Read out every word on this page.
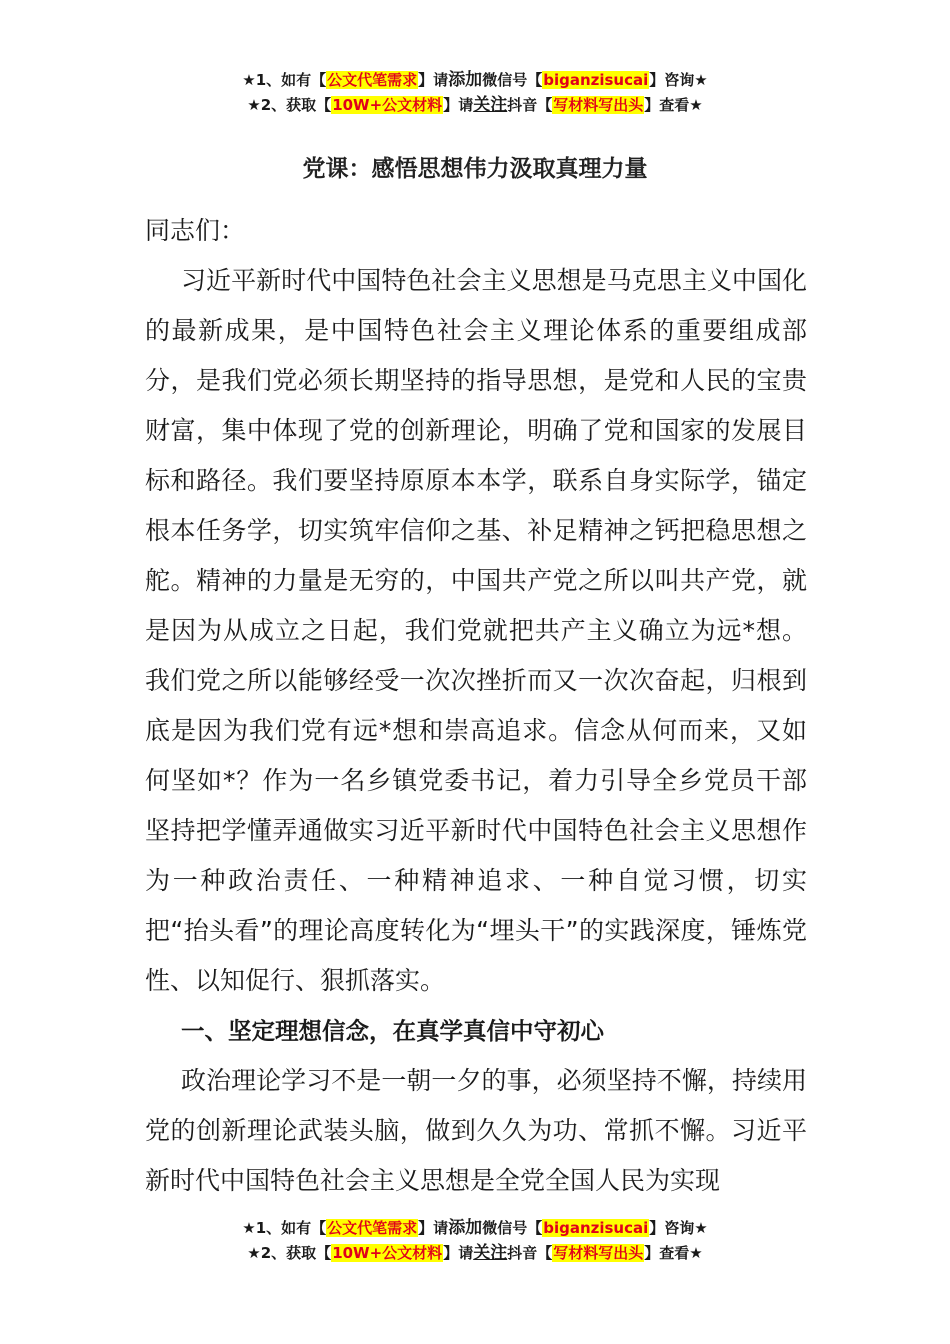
★1、如有【公文代笔需求】请添加微信号【biganzisucai】咨询★
★2、获取【10W+公文材料】请关注抖音【写材料写出头】查看★
党课：感悟思想伟力汲取真理力量

同志们：

习近平新时代中国特色社会主义思想是马克思主义中国化的最新成果，是中国特色社会主义理论体系的重要组成部分，是我们党必须长期坚持的指导思想，是党和人民的宝贵财富，集中体现了党的创新理论，明确了党和国家的发展目标和路径。我们要坚持原原本本学，联系自身实际学，锚定根本任务学，切实筑牢信仰之基、补足精神之钙把稳思想之舵。精神的力量是无穷的，中国共产党之所以叫共产党，就是因为从成立之日起，我们党就把共产主义确立为远*想。我们党之所以能够经受一次次挫折而又一次次奋起，归根到底是因为我们党有远*想和崇高追求。信念从何而来，又如何坚如*？作为一名乡镇党委书记，着力引导全乡党员干部坚持把学懂弄通做实习近平新时代中国特色社会主义思想作为一种政治责任、一种精神追求、一种自觉习惯，切实把“抬头看”的理论高度转化为“埋头干”的实践深度，锤炼党性、以知促行、狠抓落实。

一、坚定理想信念，在真学真信中守初心

政治理论学习不是一朝一夕的事，必须坚持不懈，持续用党的创新理论武装头脑，做到久久为功、常抓不懈。习近平新时代中国特色社会主义思想是全党全国人民为实现

★1、如有【公文代笔需求】请添加微信号【biganzisucai】咨询★
★2、获取【10W+公文材料】请关注抖音【写材料写出头】查看★
